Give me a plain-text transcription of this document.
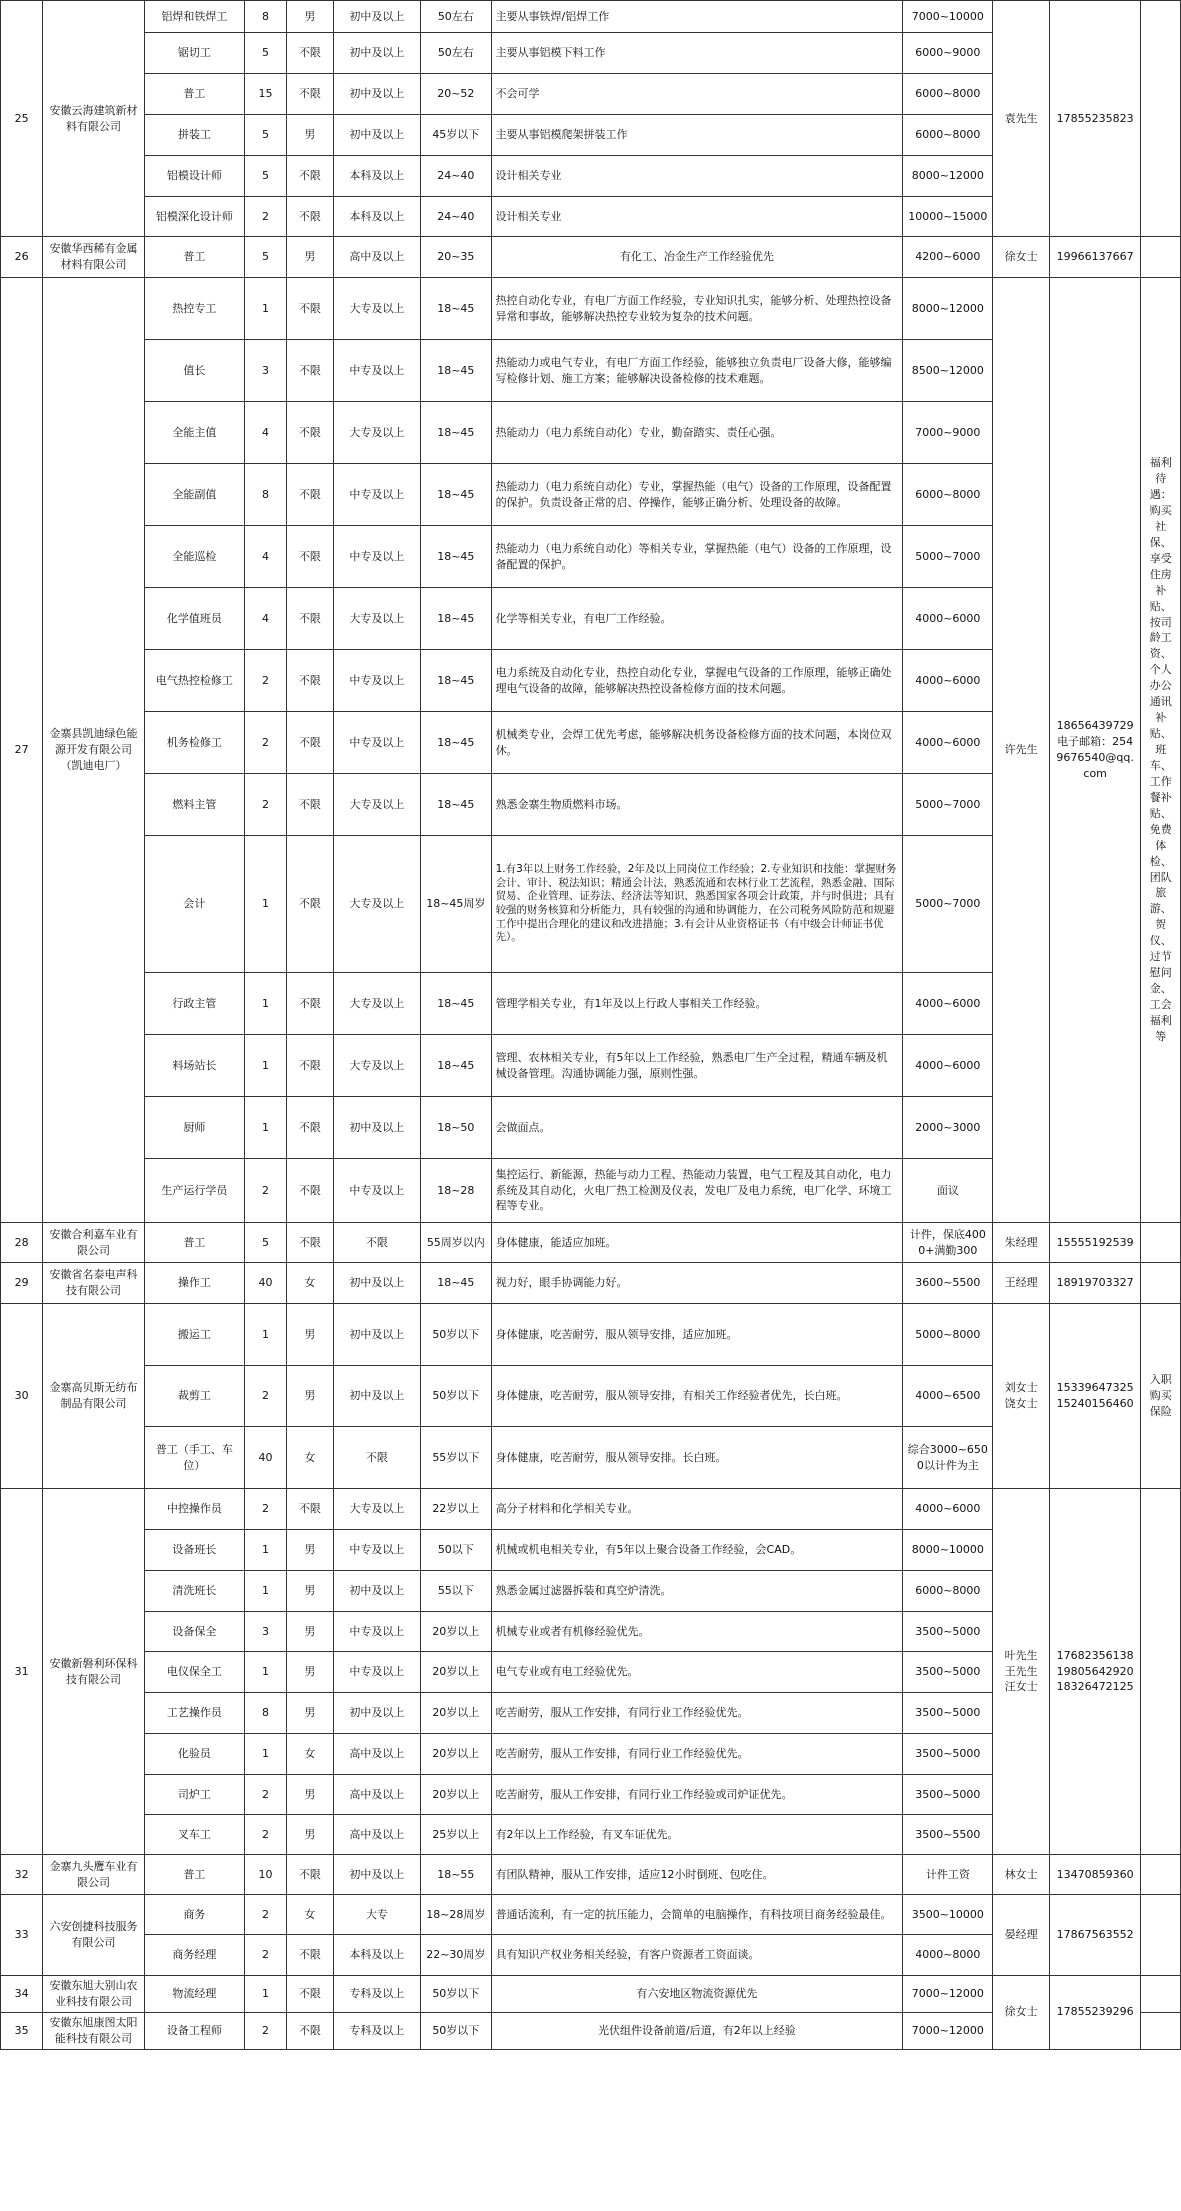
25	安徽云海建筑新材料有限公司	铝焊和铁焊工	8	男	初中及以上	50左右	主要从事铁焊/铝焊工作	7000~10000	袁先生	17855235823	
		锯切工	5	不限	初中及以上	50左右	主要从事铝模下料工作	6000~9000			
		普工	15	不限	初中及以上	20~52	不会可学	6000~8000			
		拼装工	5	男	初中及以上	45岁以下	主要从事铝模爬架拼装工作	6000~8000			
		铝模设计师	5	不限	本科及以上	24~40	设计相关专业	8000~12000			
		铝模深化设计师	2	不限	本科及以上	24~40	设计相关专业	10000~15000			
26	安徽华西稀有金属材料有限公司	普工	5	男	高中及以上	20~35	有化工、冶金生产工作经验优先	4200~6000	徐女士	19966137667	
27	金寨县凯迪绿色能源开发有限公司（凯迪电厂）	热控专工	1	不限	大专及以上	18~45	热控自动化专业，有电厂方面工作经验，专业知识扎实，能够分析、处理热控设备异常和事故，能够解决热控专业较为复杂的技术问题。	8000~12000	许先生	18656439729 电子邮箱：2549676540@qq.com	福利待遇：购买社保、享受住房补贴、按司龄工资、个人办公通讯补贴、班车、工作餐补贴、免费体检、团队旅游、贺仪、过节慰问金、工会福利等
		值长	3	不限	中专及以上	18~45	热能动力或电气专业，有电厂方面工作经验，能够独立负责电厂设备大修，能够编写检修计划、施工方案；能够解决设备检修的技术难题。	8500~12000			
		全能主值	4	不限	大专及以上	18~45	热能动力（电力系统自动化）专业，勤奋踏实、责任心强。	7000~9000			
		全能副值	8	不限	中专及以上	18~45	热能动力（电力系统自动化）专业，掌握热能（电气）设备的工作原理，设备配置的保护。负责设备正常的启、停操作，能够正确分析、处理设备的故障。	6000~8000			
		全能巡检	4	不限	中专及以上	18~45	热能动力（电力系统自动化）等相关专业，掌握热能（电气）设备的工作原理，设备配置的保护。	5000~7000			
		化学值班员	4	不限	大专及以上	18~45	化学等相关专业，有电厂工作经验。	4000~6000			
		电气热控检修工	2	不限	中专及以上	18~45	电力系统及自动化专业，热控自动化专业，掌握电气设备的工作原理，能够正确处理电气设备的故障，能够解决热控设备检修方面的技术问题。	4000~6000			
		机务检修工	2	不限	中专及以上	18~45	机械类专业，会焊工优先考虑，能够解决机务设备检修方面的技术问题，本岗位双休。	4000~6000			
		燃料主管	2	不限	大专及以上	18~45	熟悉金寨生物质燃料市场。	5000~7000			
		会计	1	不限	大专及以上	18~45周岁	1.有3年以上财务工作经验，2年及以上同岗位工作经验；2.专业知识和技能：掌握财务会计、审计、税法知识；精通会计法，熟悉流通和农林行业工艺流程，熟悉金融、国际贸易、企业管理、证券法、经济法等知识，熟悉国家各项会计政策，并与时俱进；具有较强的财务核算和分析能力，具有较强的沟通和协调能力，在公司税务风险防范和规避工作中提出合理化的建议和改进措施；3.有会计从业资格证书（有中级会计师证书优先）。	5000~7000			
		行政主管	1	不限	大专及以上	18~45	管理学相关专业，有1年及以上行政人事相关工作经验。	4000~6000			
		料场站长	1	不限	大专及以上	18~45	管理、农林相关专业，有5年以上工作经验，熟悉电厂生产全过程，精通车辆及机械设备管理。沟通协调能力强，原则性强。	4000~6000			
		厨师	1	不限	初中及以上	18~50	会做面点。	2000~3000			
		生产运行学员	2	不限	中专及以上	18~28	集控运行、新能源，热能与动力工程、热能动力装置，电气工程及其自动化，电力系统及其自动化，火电厂热工检测及仪表，发电厂及电力系统，电厂化学、环境工程等专业。	面议			
28	安徽合利嘉车业有限公司	普工	5	不限	不限	55周岁以内	身体健康，能适应加班。	计件，保底4000+满勤300	朱经理	15555192539	
29	安徽省名泰电声科技有限公司	操作工	40	女	初中及以上	18~45	视力好，眼手协调能力好。	3600~5500	王经理	18919703327	
30	金寨高贝斯无纺布制品有限公司	搬运工	1	男	初中及以上	50岁以下	身体健康，吃苦耐劳，服从领导安排，适应加班。	5000~8000	刘女士 饶女士	15339647325 15240156460	入职购买保险
		裁剪工	2	男	初中及以上	50岁以下	身体健康，吃苦耐劳，服从领导安排，有相关工作经验者优先，长白班。	4000~6500			
		普工（手工、车位）	40	女	不限	55岁以下	身体健康，吃苦耐劳，服从领导安排。长白班。	综合3000~6500以计件为主			
31	安徽新磐利环保科技有限公司	中控操作员	2	不限	大专及以上	22岁以上	高分子材料和化学相关专业。	4000~6000	叶先生 王先生 汪女士	17682356138 19805642920 18326472125	
		设备班长	1	男	中专及以上	50以下	机械或机电相关专业，有5年以上聚合设备工作经验，会CAD。	8000~10000			
		清洗班长	1	男	初中及以上	55以下	熟悉金属过滤器拆装和真空炉清洗。	6000~8000			
		设备保全	3	男	中专及以上	20岁以上	机械专业或者有机修经验优先。	3500~5000			
		电仪保全工	1	男	中专及以上	20岁以上	电气专业或有电工经验优先。	3500~5000			
		工艺操作员	8	男	初中及以上	20岁以上	吃苦耐劳，服从工作安排，有同行业工作经验优先。	3500~5000			
		化验员	1	女	高中及以上	20岁以上	吃苦耐劳，服从工作安排，有同行业工作经验优先。	3500~5000			
		司炉工	2	男	高中及以上	20岁以上	吃苦耐劳，服从工作安排，有同行业工作经验或司炉证优先。	3500~5000			
		叉车工	2	男	高中及以上	25岁以上	有2年以上工作经验，有叉车证优先。	3500~5500			
32	金寨九头鹰车业有限公司	普工	10	不限	初中及以上	18~55	有团队精神，服从工作安排，适应12小时倒班、包吃住。	计件工资	林女士	13470859360	
33	六安创捷科技服务有限公司	商务	2	女	大专	18~28周岁	普通话流利，有一定的抗压能力，会简单的电脑操作，有科技项目商务经验最佳。	3500~10000	晏经理	17867563552	
		商务经理	2	不限	本科及以上	22~30周岁	具有知识产权业务相关经验，有客户资源者工资面谈。	4000~8000			
34	安徽东旭大别山农业科技有限公司	物流经理	1	不限	专科及以上	50岁以下	有六安地区物流资源优先	7000~12000	徐女士	17855239296	
35	安徽东旭康图太阳能科技有限公司	设备工程师	2	不限	专科及以上	50岁以下	光伏组件设备前道/后道，有2年以上经验	7000~12000			
